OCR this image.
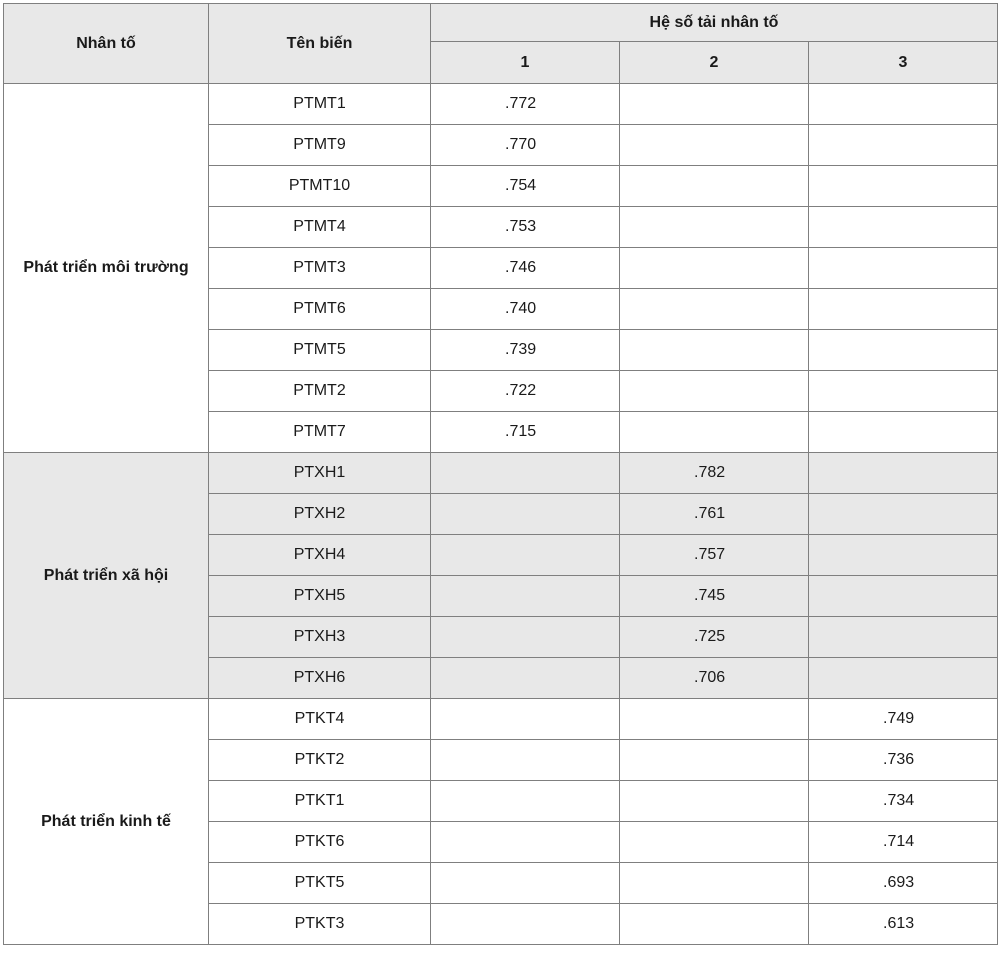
Nhân tố	Tên biến	Hệ số tải nhân tố		
		1	2	3
Phát triển môi trường	PTMT1	.772		
	PTMT9	.770		
	PTMT10	.754		
	PTMT4	.753		
	PTMT3	.746		
	PTMT6	.740		
	PTMT5	.739		
	PTMT2	.722		
	PTMT7	.715		
Phát triển xã hội	PTXH1		.782	
	PTXH2		.761	
	PTXH4		.757	
	PTXH5		.745	
	PTXH3		.725	
	PTXH6		.706	
Phát triển kinh tế	PTKT4			.749
	PTKT2			.736
	PTKT1			.734
	PTKT6			.714
	PTKT5			.693
	PTKT3			.613
